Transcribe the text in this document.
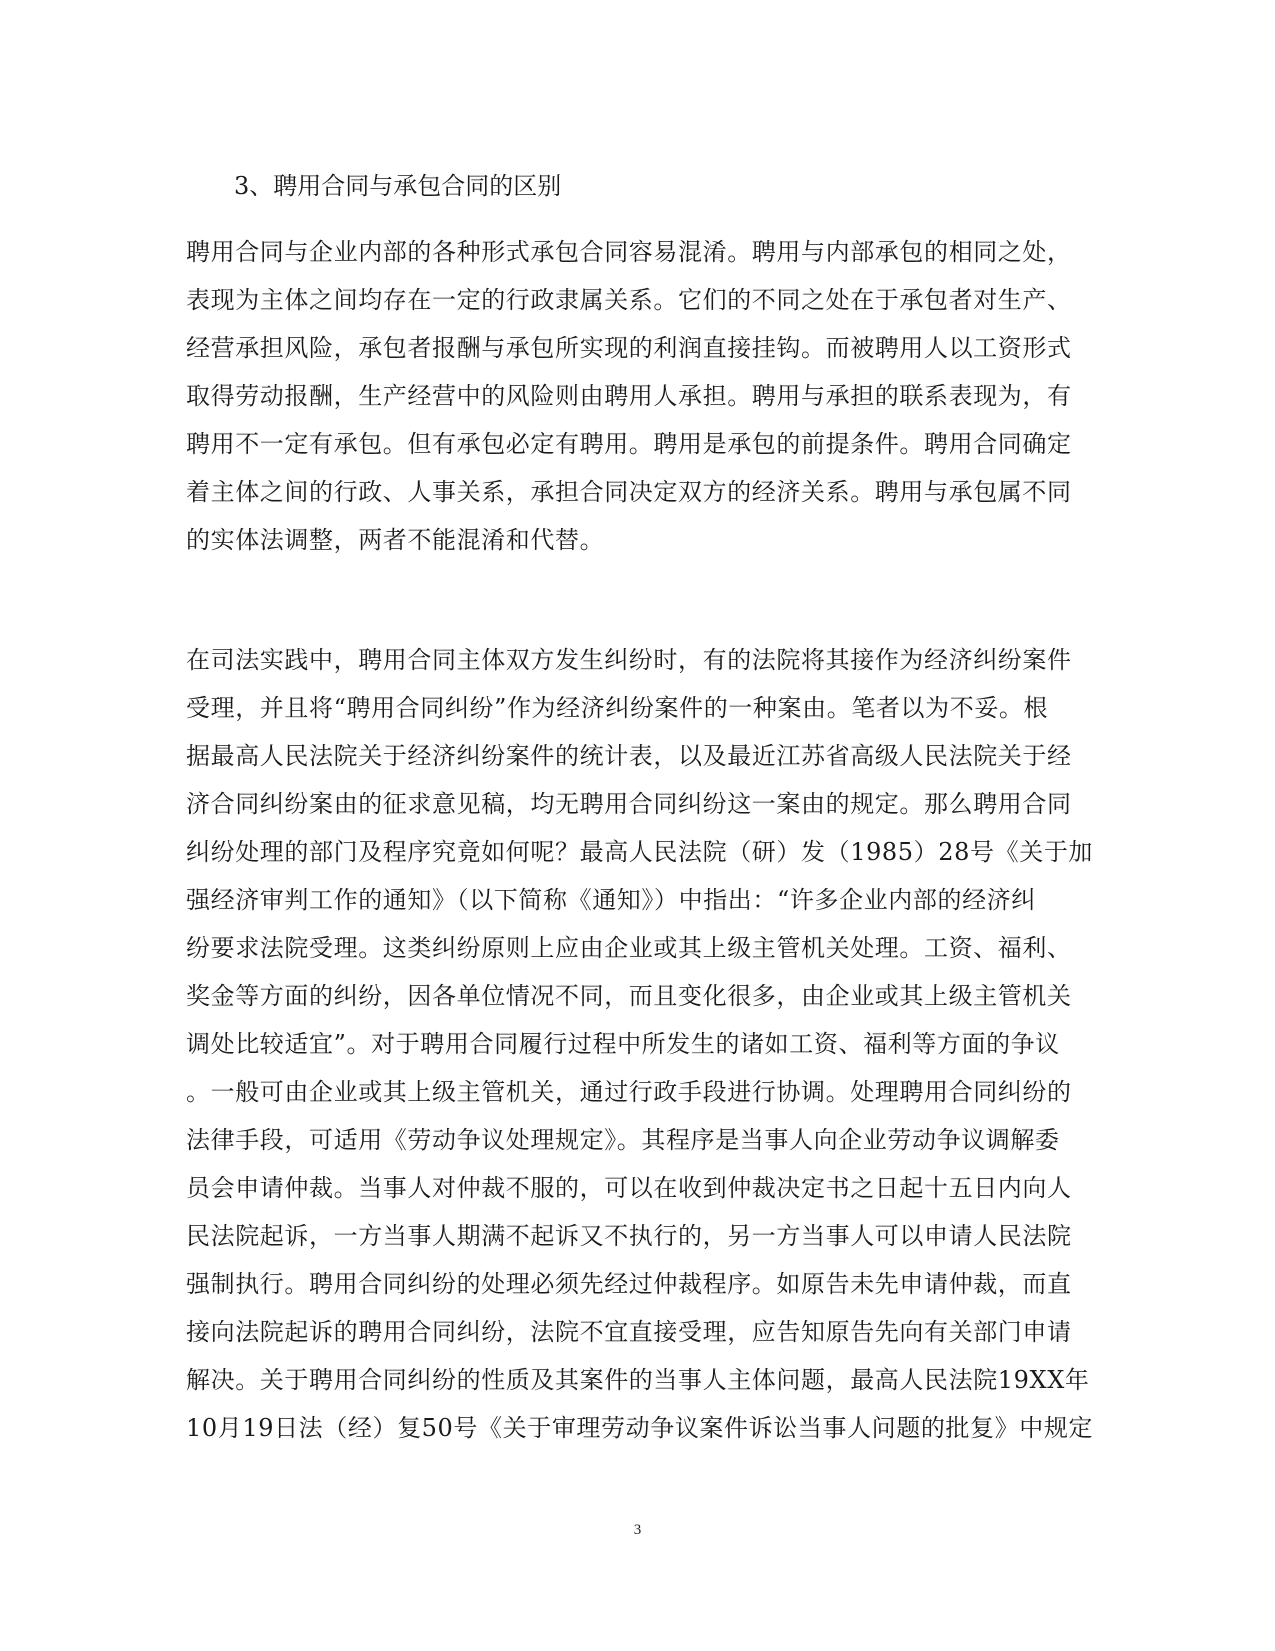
3、聘用合同与承包合同的区别
聘用合同与企业内部的各种形式承包合同容易混淆。聘用与内部承包的相同之处，
表现为主体之间均存在一定的行政隶属关系。它们的不同之处在于承包者对生产、
经营承担风险，承包者报酬与承包所实现的利润直接挂钩。而被聘用人以工资形式
取得劳动报酬，生产经营中的风险则由聘用人承担。聘用与承担的联系表现为，有
聘用不一定有承包。但有承包必定有聘用。聘用是承包的前提条件。聘用合同确定
着主体之间的行政、人事关系，承担合同决定双方的经济关系。聘用与承包属不同
的实体法调整，两者不能混淆和代替。
在司法实践中，聘用合同主体双方发生纠纷时，有的法院将其接作为经济纠纷案件
受理，并且将“聘用合同纠纷”作为经济纠纷案件的一种案由。笔者以为不妥。根
据最高人民法院关于经济纠纷案件的统计表，以及最近江苏省高级人民法院关于经
济合同纠纷案由的征求意见稿，均无聘用合同纠纷这一案由的规定。那么聘用合同
纠纷处理的部门及程序究竟如何呢？最高人民法院（研）发（1985）28号《关于加
强经济审判工作的通知》（以下简称《通知》）中指出：“许多企业内部的经济纠
纷要求法院受理。这类纠纷原则上应由企业或其上级主管机关处理。工资、福利、
奖金等方面的纠纷，因各单位情况不同，而且变化很多，由企业或其上级主管机关
调处比较适宜”。对于聘用合同履行过程中所发生的诸如工资、福利等方面的争议
。一般可由企业或其上级主管机关，通过行政手段进行协调。处理聘用合同纠纷的
法律手段，可适用《劳动争议处理规定》。其程序是当事人向企业劳动争议调解委
员会申请仲裁。当事人对仲裁不服的，可以在收到仲裁决定书之日起十五日内向人
民法院起诉，一方当事人期满不起诉又不执行的，另一方当事人可以申请人民法院
强制执行。聘用合同纠纷的处理必须先经过仲裁程序。如原告未先申请仲裁，而直
接向法院起诉的聘用合同纠纷，法院不宜直接受理，应告知原告先向有关部门申请
解决。关于聘用合同纠纷的性质及其案件的当事人主体问题，最高人民法院19XX年
10月19日法（经）复50号《关于审理劳动争议案件诉讼当事人问题的批复》中规定
3
